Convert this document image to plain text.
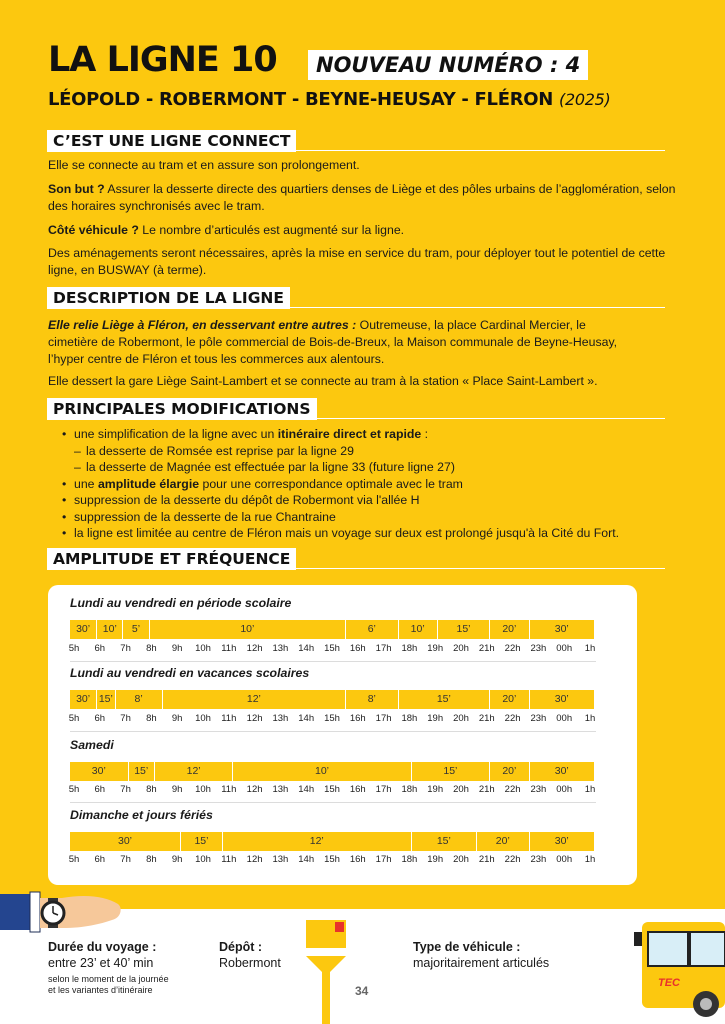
LA LIGNE 10	NOUVEAU NUMÉRO : 4
LÉOPOLD - ROBERMONT - BEYNE-HEUSAY - FLÉRON (2025)
C’EST UNE LIGNE CONNECT
Elle se connecte au tram et en assure son prolongement.
Son but ? Assurer la desserte directe des quartiers denses de Liège et des pôles urbains de l’agglomération, selon des horaires synchronisés avec le tram.
Côté véhicule ? Le nombre d’articulés est augmenté sur la ligne.
Des aménagements seront nécessaires, après la mise en service du tram, pour déployer tout le potentiel de cette ligne, en BUSWAY (à terme).
DESCRIPTION DE LA LIGNE
Elle relie Liège à Fléron, en desservant entre autres : Outremeuse, la place Cardinal Mercier, le cimetière de Robermont, le pôle commercial de Bois-de-Breux, la Maison communale de Beyne-Heusay, l’hyper centre de Fléron et tous les commerces aux alentours.
Elle dessert la gare Liège Saint-Lambert et se connecte au tram à la station « Place Saint-Lambert ».
PRINCIPALES MODIFICATIONS
• une simplification de la ligne avec un itinéraire direct et rapide :
– la desserte de Romsée est reprise par la ligne 29
– la desserte de Magnée est effectuée par la ligne 33 (future ligne 27)
• une amplitude élargie pour une correspondance optimale avec le tram
• suppression de la desserte du dépôt de Robermont via l'allée H
• suppression de la desserte de la rue Chantraine
• la ligne est limitée au centre de Fléron mais un voyage sur deux est prolongé jusqu'à la Cité du Fort.
AMPLITUDE ET FRÉQUENCE
Lundi au vendredi en période scolaire
30’	10’	5’	10’	6’	10’	15’	20’	30’
5h	6h	7h	8h	9h	10h	11h	12h	13h	14h	15h	16h	17h	18h	19h	20h	21h	22h	23h	00h	1h
Lundi au vendredi en vacances scolaires
30’ 15’	8’	12’	8’	15’	20’	30’
5h	6h	7h	8h	9h	10h	11h	12h	13h	14h	15h	16h	17h	18h	19h	20h	21h	22h	23h	00h	1h
Samedi
30’	15’	12’	10’	15’	20’	30’
5h	6h	7h	8h	9h	10h	11h	12h	13h	14h	15h	16h	17h	18h	19h	20h	21h	22h	23h	00h	1h
Dimanche et jours fériés
30’	15’	12’	15’	20’	30’
5h	6h	7h	8h	9h	10h	11h	12h	13h	14h	15h	16h	17h	18h	19h	20h	21h	22h	23h	00h	1h
Durée du voyage :
entre 23’ et 40’ min
selon le moment de la journée
et les variantes d’itinéraire
Dépôt :
Robermont
34
Type de véhicule :
majoritairement articulés
TEC
